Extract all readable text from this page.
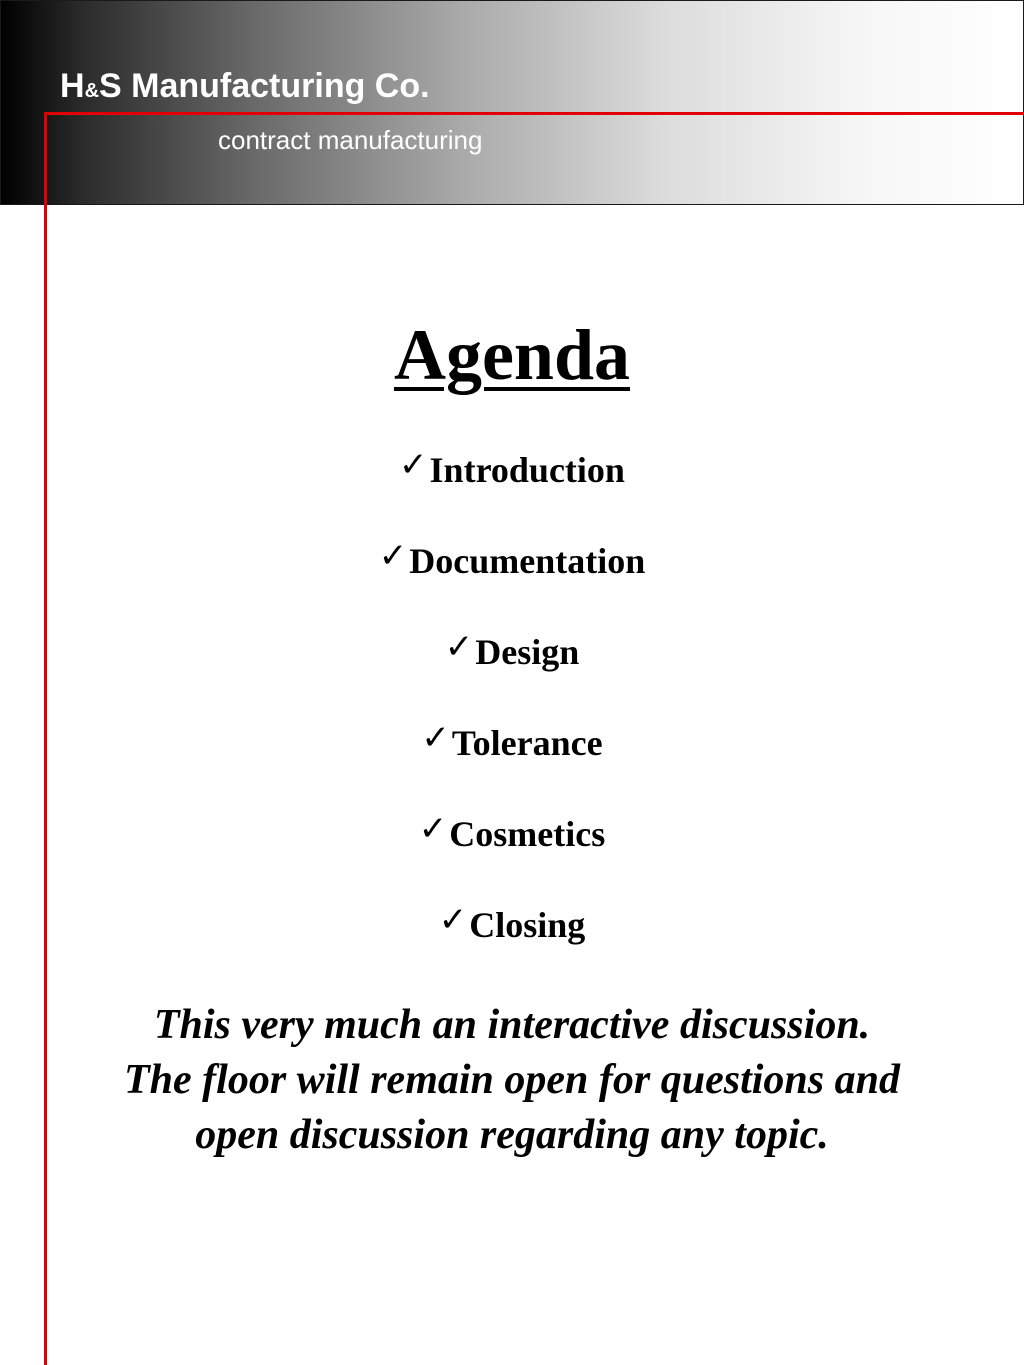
H&S Manufacturing Co.
contract manufacturing
Agenda
✓Introduction
✓Documentation
✓Design
✓Tolerance
✓Cosmetics
✓Closing

This very much an interactive discussion. The floor will remain open for questions and open discussion regarding any topic.
